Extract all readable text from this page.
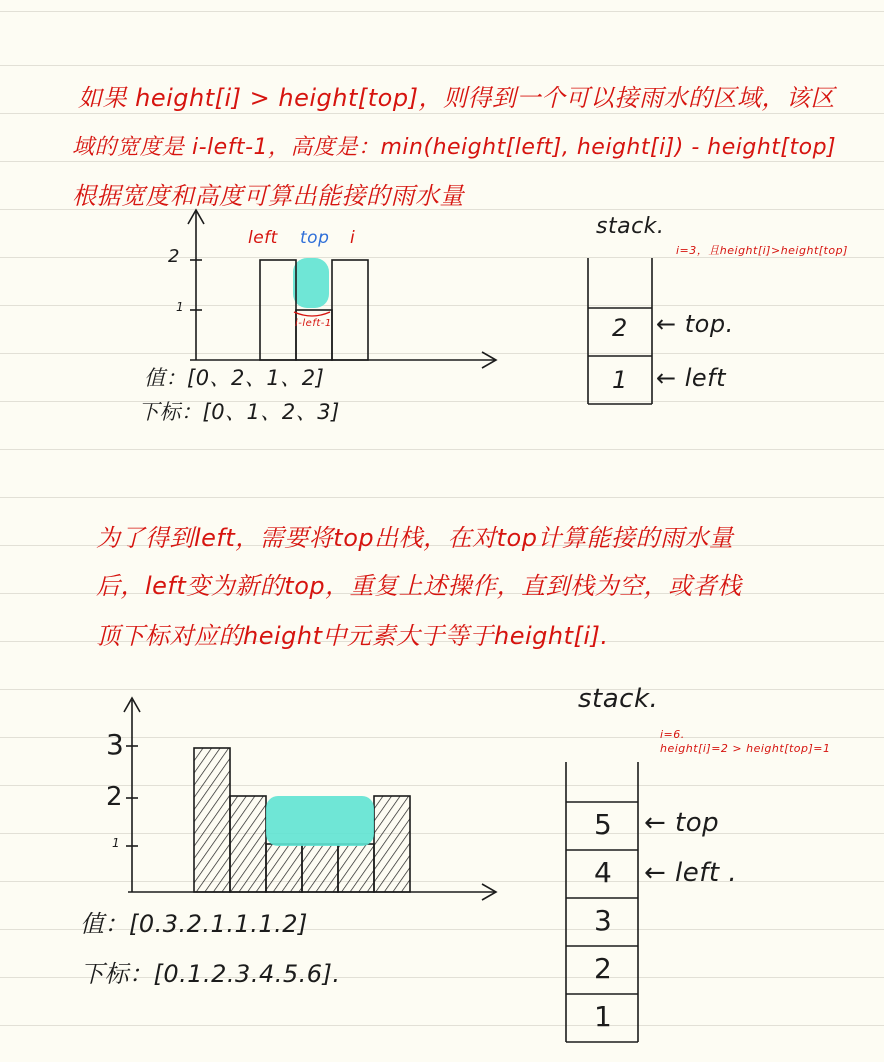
如果 height[i] > height[top]，则得到一个可以接雨水的区域，该区
域的宽度是 i-left-1，高度是：min(height[left], height[i]) - height[top]
根据宽度和高度可算出能接的雨水量
left top i
i-left-1
2
1
值：[0、2、1、2]
下标：[0、1、2、3]
stack.
i=3，且height[i]>height[top]
2
1
← top.
← left
为了得到left，需要将top出栈，在对top计算能接的雨水量
后，left变为新的top，重复上述操作，直到栈为空，或者栈
顶下标对应的height中元素大于等于height[i].
3
2
1
值：[0.3.2.1.1.1.2]
下标：[0.1.2.3.4.5.6].
stack.
i=6.
height[i]=2 > height[top]=1
5
4
3
2
1
← top
← left .
